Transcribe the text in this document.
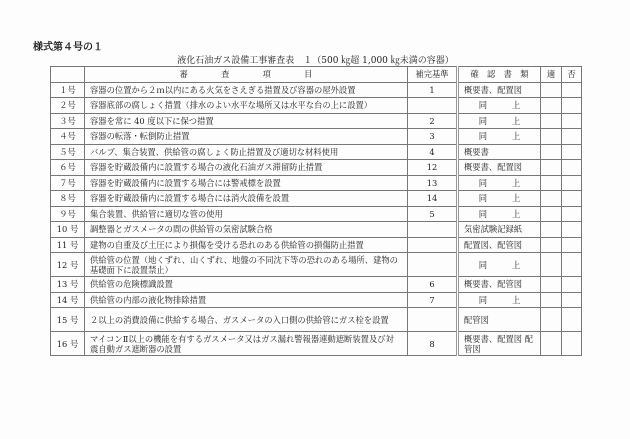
様式第４号の１
液化石油ガス設備工事審査表　１（500 ㎏超 1,000 ㎏未満の容器）
	審　　　　査　　　　項　　　　目	補完基準	確　認　書　類	適	否
１号	容器の位置から２ｍ以内にある火気をさえぎる措置及び容器の屋外設置	1	概要書、配置図		
２号	容器底部の腐しょく措置（排水のよい水平な場所又は水平な台の上に設置）		同　　　上		
３号	容器を常に 40 度以下に保つ措置	2	同　　　上		
４号	容器の転落・転倒防止措置	3	同　　　上		
５号	バルブ、集合装置、供給管の腐しょく防止措置及び適切な材料使用	4	概要書		
６号	容器を貯蔵設備内に設置する場合の液化石油ガス滞留防止措置	12	概要書、配置図		
７号	容器を貯蔵設備内に設置する場合には警戒標を設置	13	同　　　上		
８号	容器を貯蔵設備内に設置する場合には消火設備を設置	14	同　　　上		
９号	集合装置、供給管に適切な管の使用	5	同　　　上		
10 号	調整器とガスメータの間の供給管の気密試験合格		気密試験記録紙		
11 号	建物の自重及び土圧により損傷を受ける恐れのある供給管の損傷防止措置		配置図、配管図		
12 号	供給管の位置（地くずれ、山くずれ、地盤の不同沈下等の恐れのある場所、建物の基礎面下に設置禁止）		同　　　上		
13 号	供給管の危険標識設置	6	概要書、配管図		
14 号	供給管の内部の液化物排除措置	7	同　　　上		
15 号	２以上の消費設備に供給する場合、ガスメータの入口側の供給管にガス栓を設置		配管図		
16 号	マイコンⅡ以上の機能を有するガスメータ又はガス漏れ警報器連動遮断装置及び対震自動ガス遮断器の設置	8	概要書、配置図 配管図		
